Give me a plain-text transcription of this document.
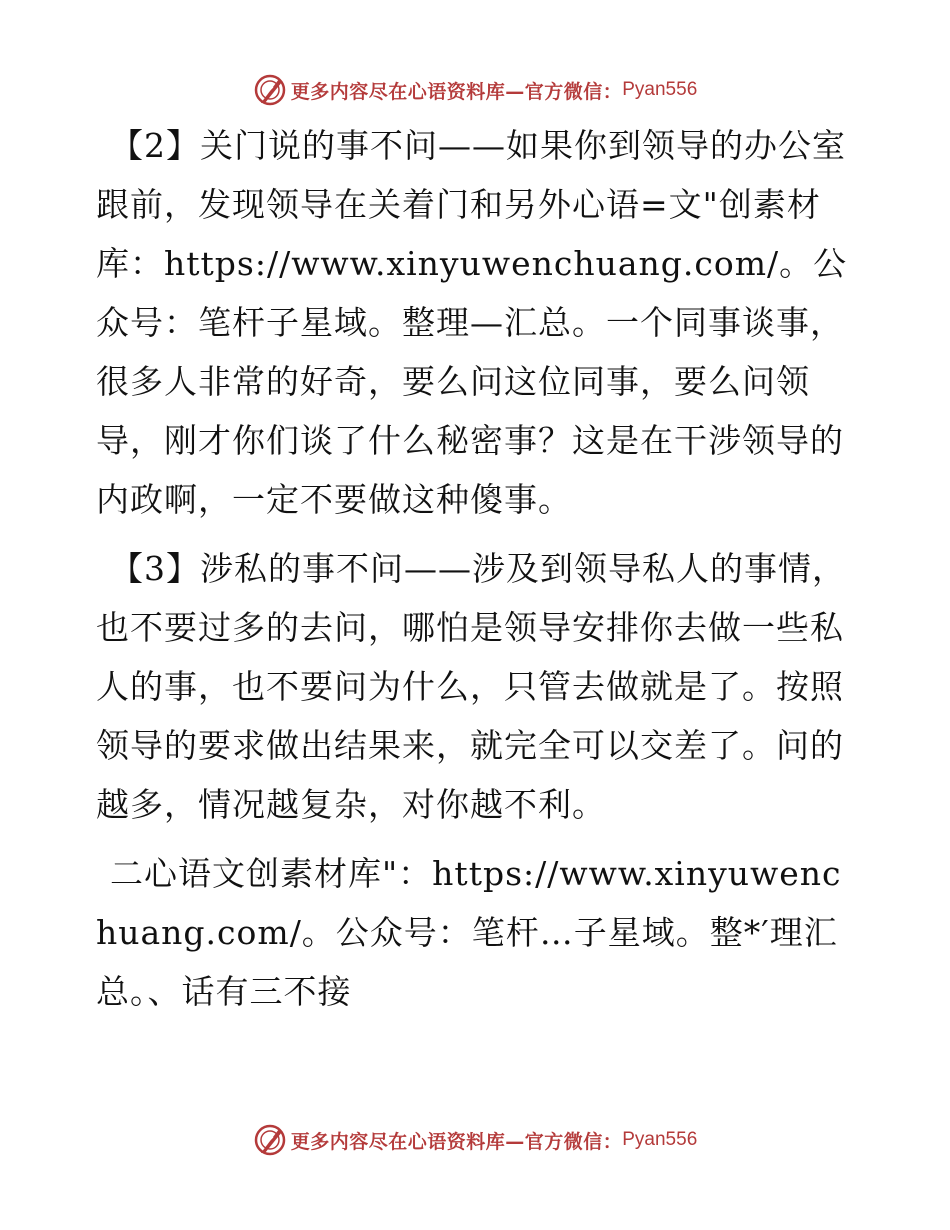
更多内容尽在心语资料库—官方微信： Pyan556

【2】关门说的事不问——如果你到领导的办公室跟前，发现领导在关着门和另外心语=文"创素材库：https://www.xinyuwenchuang.com/。公众号：笔杆子星域。整理—汇总。一个同事谈事，很多人非常的好奇，要么问这位同事，要么问领导，刚才你们谈了什么秘密事？这是在干涉领导的内政啊，一定不要做这种傻事。

【3】涉私的事不问——涉及到领导私人的事情，也不要过多的去问，哪怕是领导安排你去做一些私人的事，也不要问为什么，只管去做就是了。按照领导的要求做出结果来，就完全可以交差了。问的越多，情况越复杂，对你越不利。

二心语文创素材库"：https://www.xinyuwenchuang.com/。公众号：笔杆…子星域。整*′理汇总。、话有三不接

更多内容尽在心语资料库—官方微信： Pyan556
